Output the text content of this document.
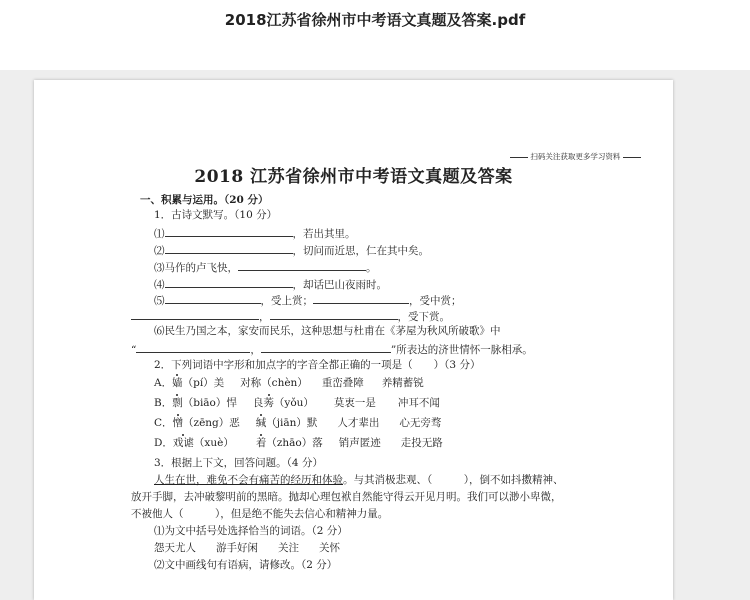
2018江苏省徐州市中考语文真题及答案.pdf
扫码关注获取更多学习资料
2018 江苏省徐州市中考语文真题及答案
一、积累与运用。（20 分）
1．古诗文默写。（10 分）
⑴	，若出其里。
⑵	，切问而近思，仁在其中矣。
⑶马作的卢飞快，	。
⑷	，却话巴山夜雨时。
⑸	，受上赏；	，受中赏；
，	，受下赏。
⑹民生乃国之本，家安而民乐，这种思想与杜甫在《茅屋为秋风所破歌》中
“	，	”所表达的济世情怀一脉相承。
2．下列词语中字形和加点字的字音全都正确的一项是（　　）（3 分）
A．嫱（pí）美 对称（chèn） 重峦叠障 养精蓄锐
B．剽（biāo）悍 良莠（yǒu） 莫衷一是 冲耳不闻
C．憎（zēng）恶 缄（jiān）默 人才辈出 心无旁骛
D．戏谑（xuè） 着（zhāo）落 销声匿迹 走投无路
3．根据上下文，回答问题。（4 分）
人生在世，难免不会有痛苦的经历和体验。与其消极悲观、（　　　），倒不如抖擞精神、
放开手脚，去冲破黎明前的黑暗。抛却心理包袱自然能守得云开见月明。我们可以渺小卑微，
不被他人（　　　），但是绝不能失去信心和精神力量。
⑴为文中括号处选择恰当的词语。（2 分）
怨天尤人 游手好闲 关注 关怀
⑵文中画线句有语病，请修改。（2 分）
